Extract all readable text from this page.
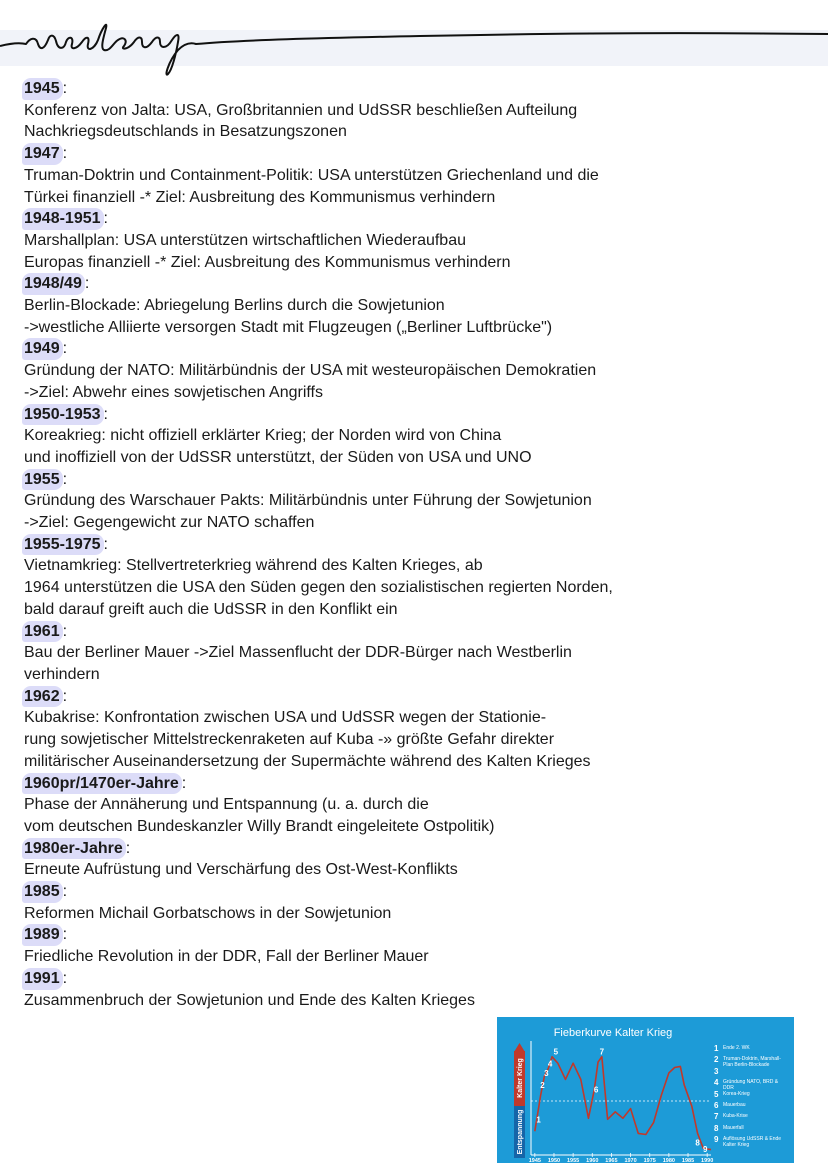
Verlauf
1945 :
Konferenz von Jalta: USA, Großbritannien und UdSSR beschließen Aufteilung
Nachkriegsdeutschlands in Besatzungszonen
1947 :
Truman-Doktrin und Containment-Politik: USA unterstützen Griechenland und die
Türkei finanziell -* Ziel: Ausbreitung des Kommunismus verhindern
1948-1951 :
Marshallplan: USA unterstützen wirtschaftlichen Wiederaufbau
Europas finanziell -* Ziel: Ausbreitung des Kommunismus verhindern
1948/49 :
Berlin-Blockade: Abriegelung Berlins durch die Sowjetunion
->westliche Alliierte versorgen Stadt mit Flugzeugen („Berliner Luftbrücke")
1949 :
Gründung der NATO: Militärbündnis der USA mit westeuropäischen Demokratien
->Ziel: Abwehr eines sowjetischen Angriffs
1950-1953 :
Koreakrieg: nicht offiziell erklärter Krieg; der Norden wird von China
und inoffiziell von der UdSSR unterstützt, der Süden von USA und UNO
1955 :
Gründung des Warschauer Pakts: Militärbündnis unter Führung der Sowjetunion
->Ziel: Gegengewicht zur NATO schaffen
1955-1975 :
Vietnamkrieg: Stellvertreterkrieg während des Kalten Krieges, ab
1964 unterstützen die USA den Süden gegen den sozialistischen regierten Norden,
bald darauf greift auch die UdSSR in den Konflikt ein
1961 :
Bau der Berliner Mauer ->Ziel Massenflucht der DDR-Bürger nach Westberlin
verhindern
1962 :
Kubakrise: Konfrontation zwischen USA und UdSSR wegen der Stationie-
rung sowjetischer Mittelstreckenraketen auf Kuba -» größte Gefahr direkter
militärischer Auseinandersetzung der Supermächte während des Kalten Krieges
1960pr/1470er-Jahre :
Phase der Annäherung und Entspannung (u. a. durch die
vom deutschen Bundeskanzler Willy Brandt eingeleitete Ostpolitik)
1980er-Jahre :
Erneute Aufrüstung und Verschärfung des Ost-West-Konflikts
1985 :
Reformen Michail Gorbatschows in der Sowjetunion
1989 :
Friedliche Revolution in der DDR, Fall der Berliner Mauer
1991 :
Zusammenbruch der Sowjetunion und Ende des Kalten Krieges
Fieberkurve Kalter Krieg
Kalter Krieg
Entspannung
1945 1950 1955 1960 1965 1970 1975 1980 1985 1990
1
2
3
4
5
6
7
8
9
1 Ende 2. WK
2 Truman-Doktrin, Marshall-Plan Berlin-Blockade
3
4 Gründung NATO, BRD & DDR
5 Korea-Krieg
6 Mauerbau
7 Kuba-Krise
8 Mauerfall
9 Auflösung UdSSR & Ende Kalter Krieg
